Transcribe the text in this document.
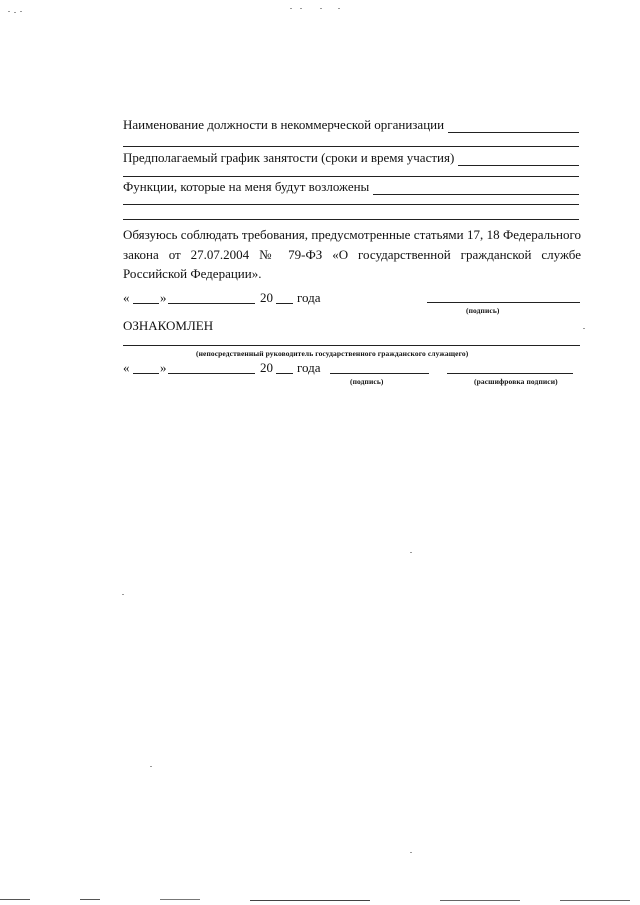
Наименование должности в некоммерческой организации
Предполагаемый график занятости (сроки и время участия)
Функции, которые на меня будут возложены
Обязуюсь соблюдать требования, предусмотренные статьями 17, 18 Федерального закона от 27.07.2004 № 79-ФЗ «О государственной гражданской службе Российской Федерации».
« »	20 года
(подпись)
ОЗНАКОМЛЕН
(непосредственный руководитель государственного гражданского служащего)
« »	20 года
(подпись)	(расшифровка подписи)
